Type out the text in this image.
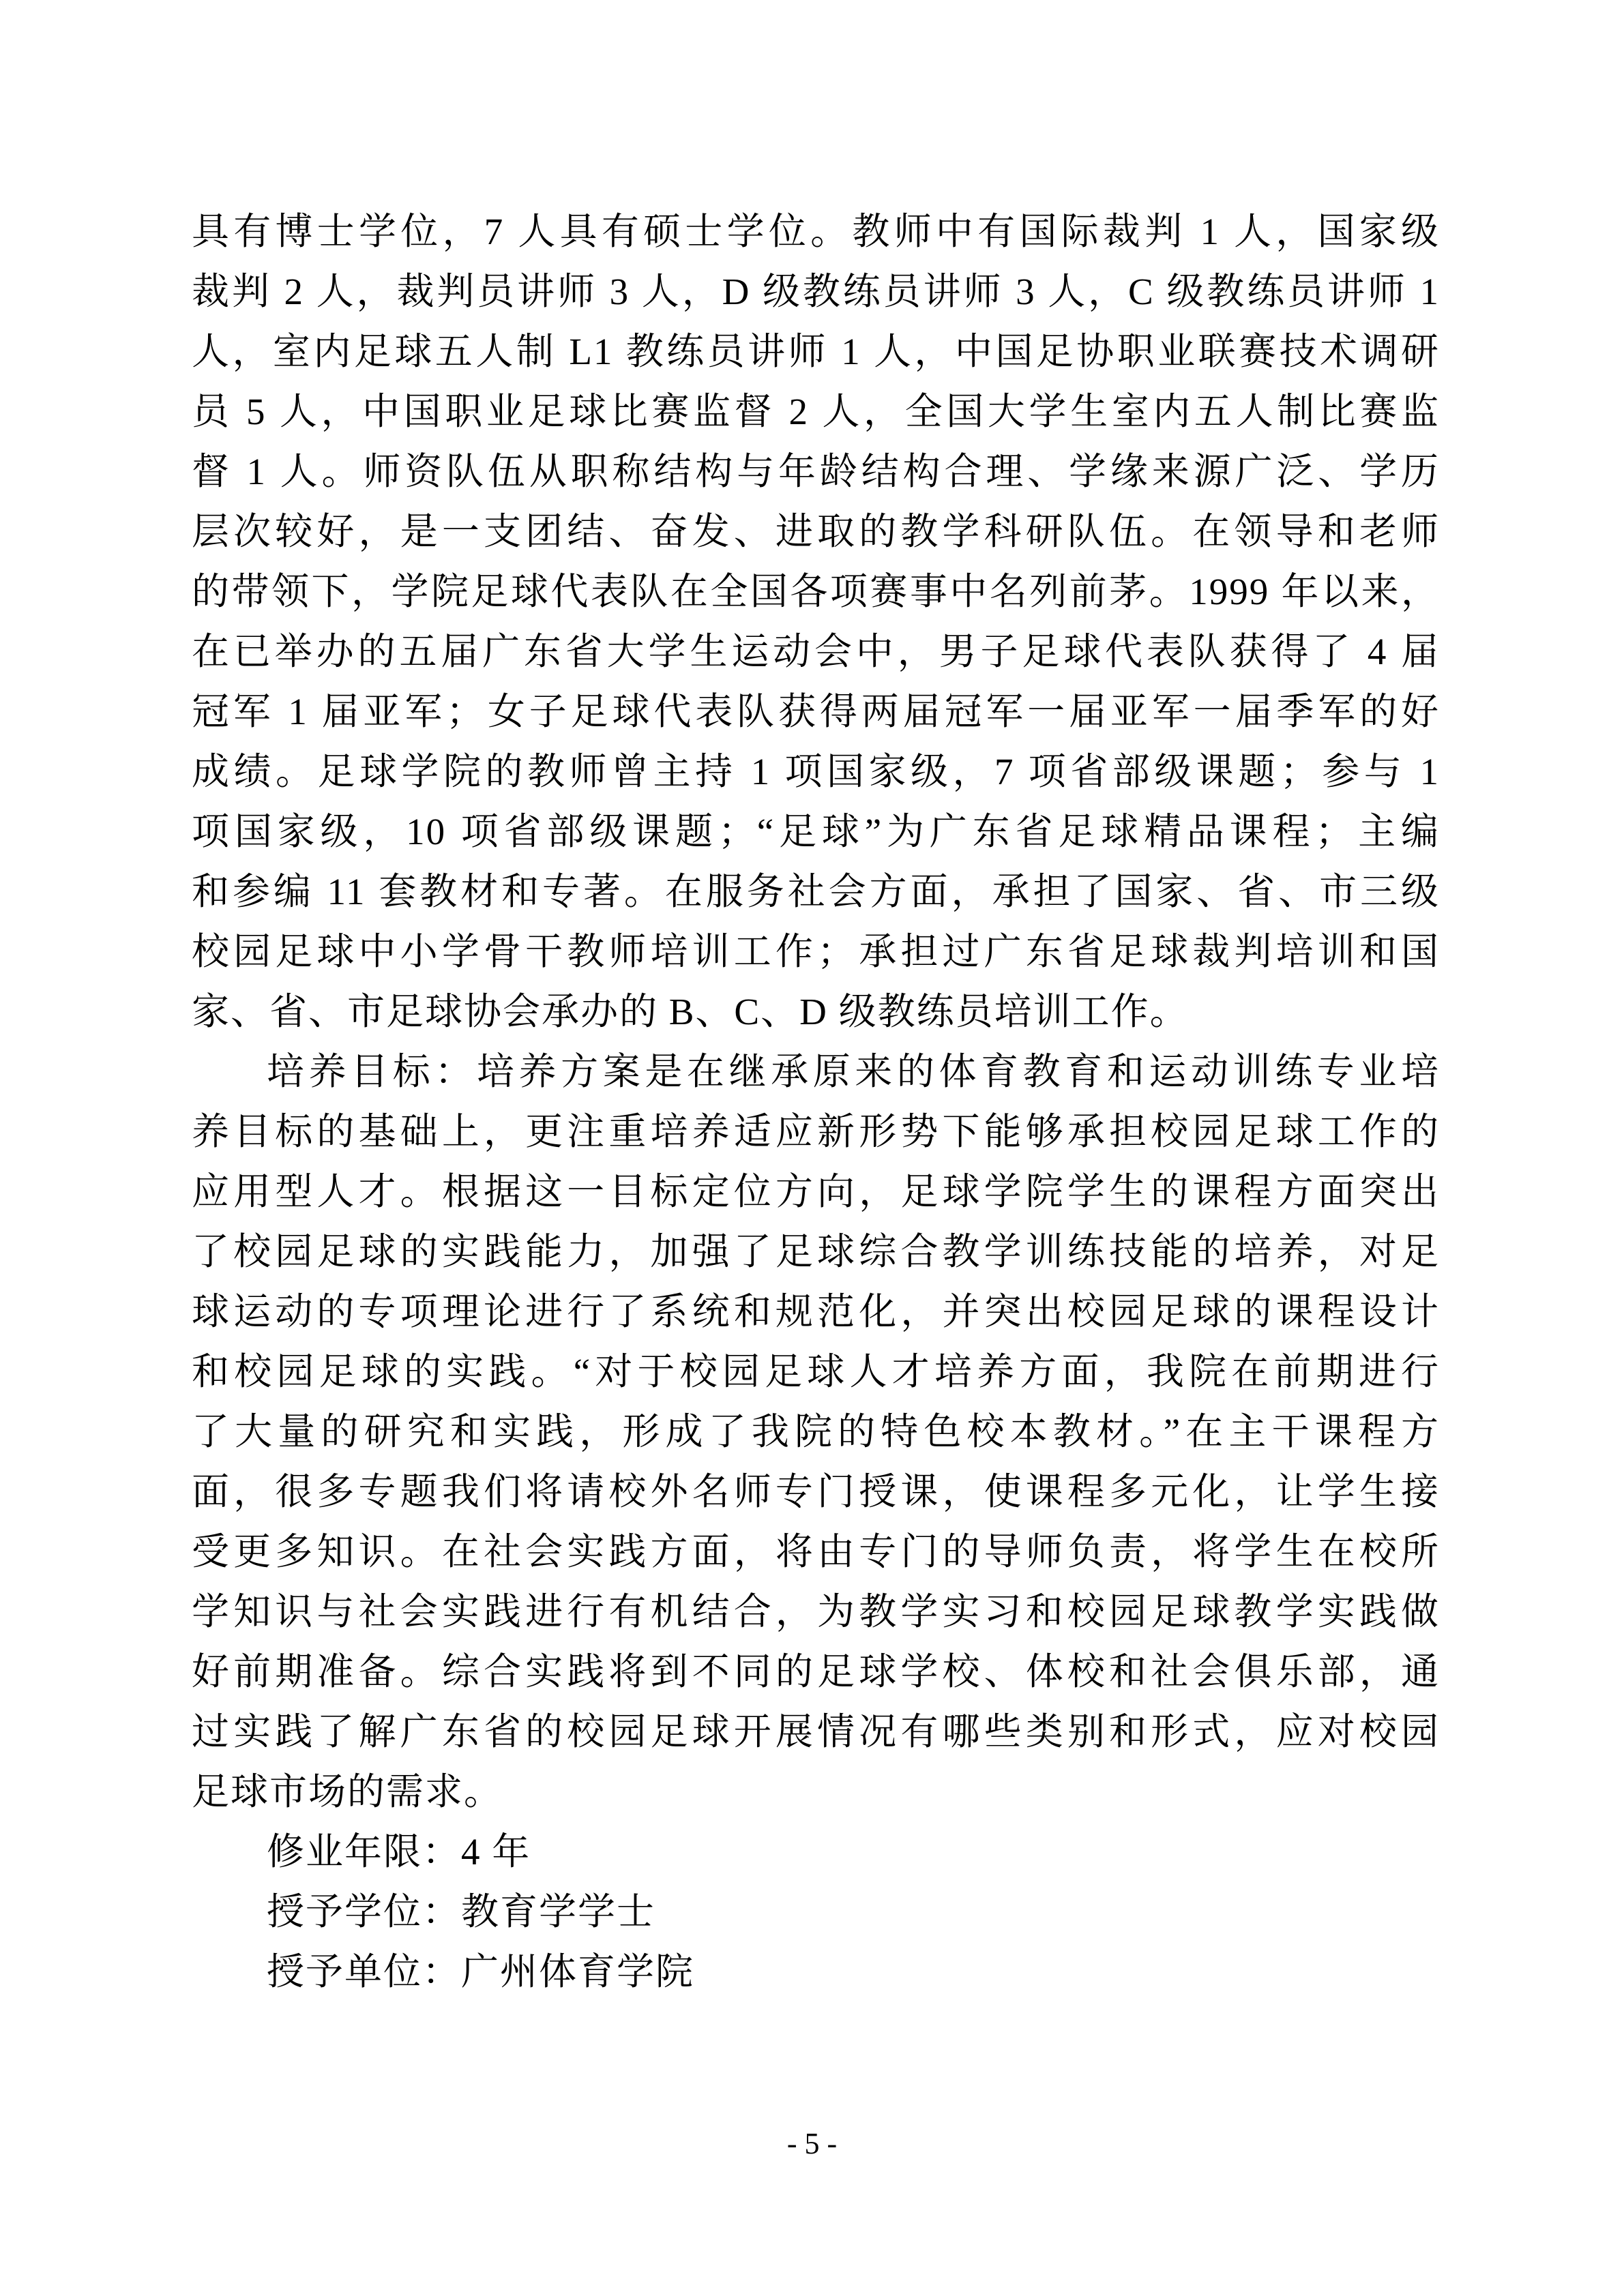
具有博士学位，7 人具有硕士学位。教师中有国际裁判 1 人，国家级
裁判 2 人，裁判员讲师 3 人，D 级教练员讲师 3 人，C 级教练员讲师 1
人，室内足球五人制 L1 教练员讲师 1 人，中国足协职业联赛技术调研
员 5 人，中国职业足球比赛监督 2 人，全国大学生室内五人制比赛监
督 1 人。师资队伍从职称结构与年龄结构合理、学缘来源广泛、学历
层次较好，是一支团结、奋发、进取的教学科研队伍。在领导和老师
的带领下，学院足球代表队在全国各项赛事中名列前茅。1999 年以来，
在已举办的五届广东省大学生运动会中，男子足球代表队获得了 4 届
冠军 1 届亚军；女子足球代表队获得两届冠军一届亚军一届季军的好
成绩。足球学院的教师曾主持 1 项国家级，7 项省部级课题；参与 1
项国家级，10 项省部级课题；“足球”为广东省足球精品课程；主编
和参编 11 套教材和专著。在服务社会方面，承担了国家、省、市三级
校园足球中小学骨干教师培训工作；承担过广东省足球裁判培训和国
家、省、市足球协会承办的 B、C、D 级教练员培训工作。
培养目标：培养方案是在继承原来的体育教育和运动训练专业培
养目标的基础上，更注重培养适应新形势下能够承担校园足球工作的
应用型人才。根据这一目标定位方向，足球学院学生的课程方面突出
了校园足球的实践能力，加强了足球综合教学训练技能的培养，对足
球运动的专项理论进行了系统和规范化，并突出校园足球的课程设计
和校园足球的实践。“对于校园足球人才培养方面，我院在前期进行
了大量的研究和实践，形成了我院的特色校本教材。”在主干课程方
面，很多专题我们将请校外名师专门授课，使课程多元化，让学生接
受更多知识。在社会实践方面，将由专门的导师负责，将学生在校所
学知识与社会实践进行有机结合，为教学实习和校园足球教学实践做
好前期准备。综合实践将到不同的足球学校、体校和社会俱乐部，通
过实践了解广东省的校园足球开展情况有哪些类别和形式，应对校园
足球市场的需求。
修业年限：4 年
授予学位：教育学学士
授予单位：广州体育学院
- 5 -
